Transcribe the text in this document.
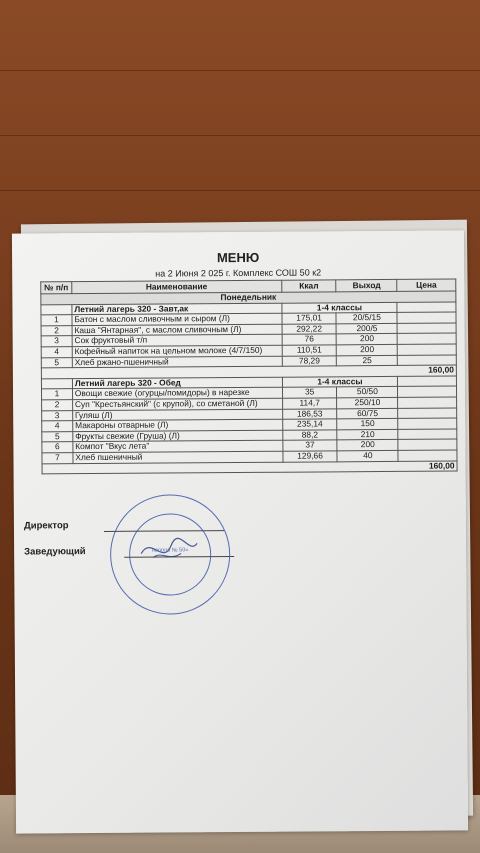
МЕНЮ
на 2 Июня 2 025 г. Комплекс СОШ 50 к2
№ п/п	Наименование	Ккал	Выход	Цена
Понедельник				
	Летний лагерь 320 - Завт,ак	1-4 классы		
1	Батон с маслом сливочным и сыром (Л)	175,01	20/5/15	
2	Каша "Янтарная", с маслом сливочным (Л)	292,22	200/5	
3	Сок фруктовый т/п	76	200	
4	Кофейный напиток на цельном молоке (4/7/150)	110,51	200	
5	Хлеб ржано-пшеничный	78,29	25	
160,00				
	Летний лагерь 320 - Обед	1-4 классы		
1	Овощи свежие (огурцы/помидоры) в нарезке	35	50/50	
2	Суп "Крестьянский" (с крупой), со сметаной (Л)	114,7	250/10	
3	Гуляш (Л)	186,53	60/75	
4	Макароны отварные (Л)	235,14	150	
5	Фрукты свежие (Груша) (Л)	88,2	210	
6	Компот "Вкус лета"	37	200	
7	Хлеб пшеничный	129,66	40	
160,00				
Директор
Заведующий	напола № 50»
